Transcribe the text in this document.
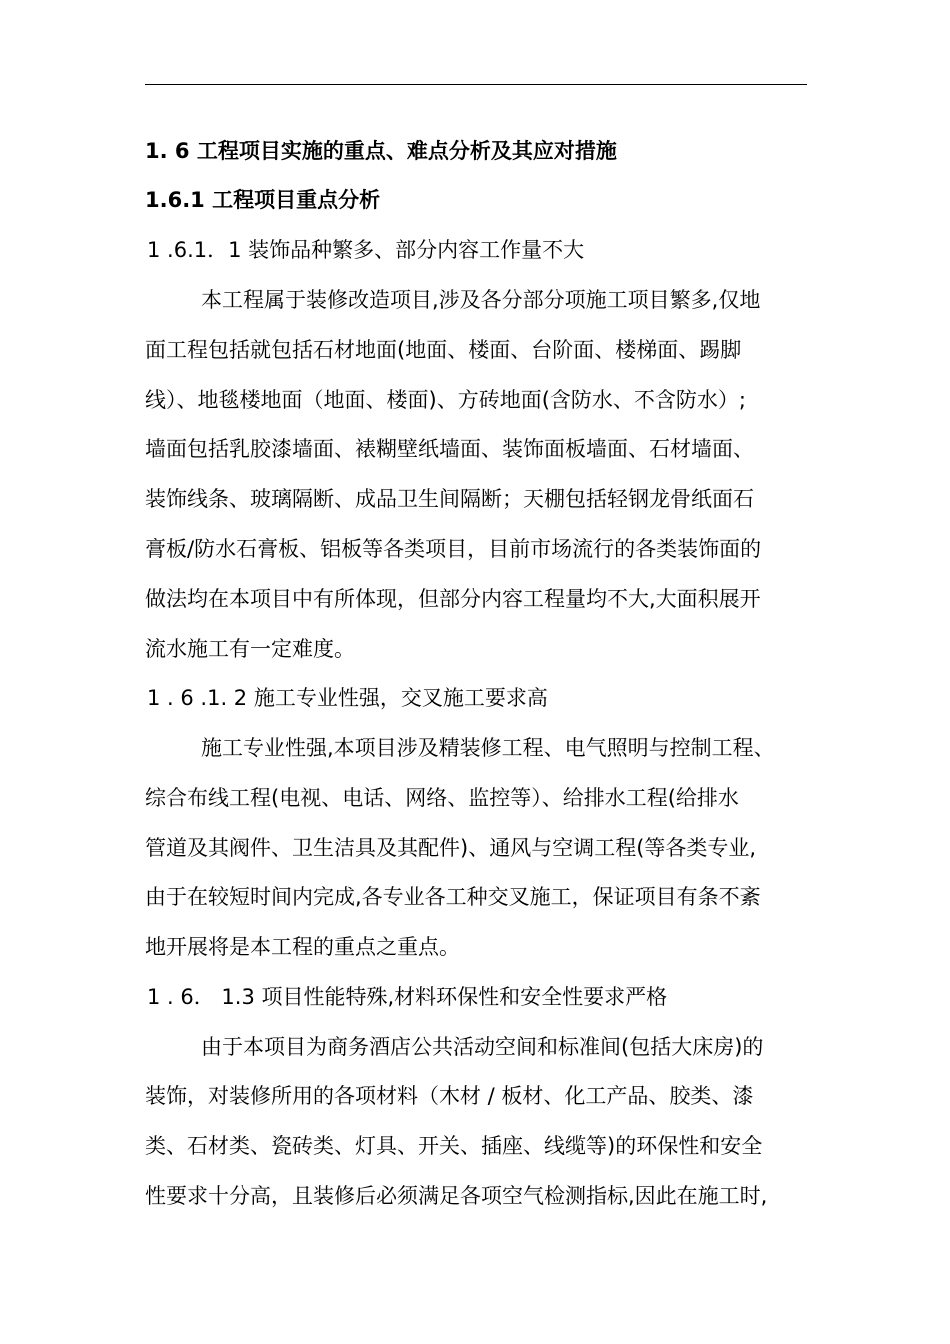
1. 6 工程项目实施的重点、难点分析及其应对措施
1.6.1 工程项目重点分析
1 .6.1．1 装饰品种繁多、部分内容工作量不大
本工程属于装修改造项目,涉及各分部分项施工项目繁多,仅地
面工程包括就包括石材地面(地面、楼面、台阶面、楼梯面、踢脚
线）、地毯楼地面（地面、楼面)、方砖地面(含防水、不含防水）;
墙面包括乳胶漆墙面、裱糊壁纸墙面、装饰面板墙面、石材墙面、
装饰线条、玻璃隔断、成品卫生间隔断；天棚包括轻钢龙骨纸面石
膏板/防水石膏板、铝板等各类项目，目前市场流行的各类装饰面的
做法均在本项目中有所体现，但部分内容工程量均不大,大面积展开
流水施工有一定难度。
1 . 6 .1. 2 施工专业性强，交叉施工要求高
施工专业性强,本项目涉及精装修工程、电气照明与控制工程、
综合布线工程(电视、电话、网络、监控等）、给排水工程(给排水
管道及其阀件、卫生洁具及其配件)、通风与空调工程(等各类专业,
由于在较短时间内完成,各专业各工种交叉施工，保证项目有条不紊
地开展将是本工程的重点之重点。
1 . 6． 1.3 项目性能特殊,材料环保性和安全性要求严格
由于本项目为商务酒店公共活动空间和标准间(包括大床房)的
装饰，对装修所用的各项材料（木材 / 板材、化工产品、胶类、漆
类、石材类、瓷砖类、灯具、开关、插座、线缆等)的环保性和安全
性要求十分高，且装修后必须满足各项空气检测指标,因此在施工时,
